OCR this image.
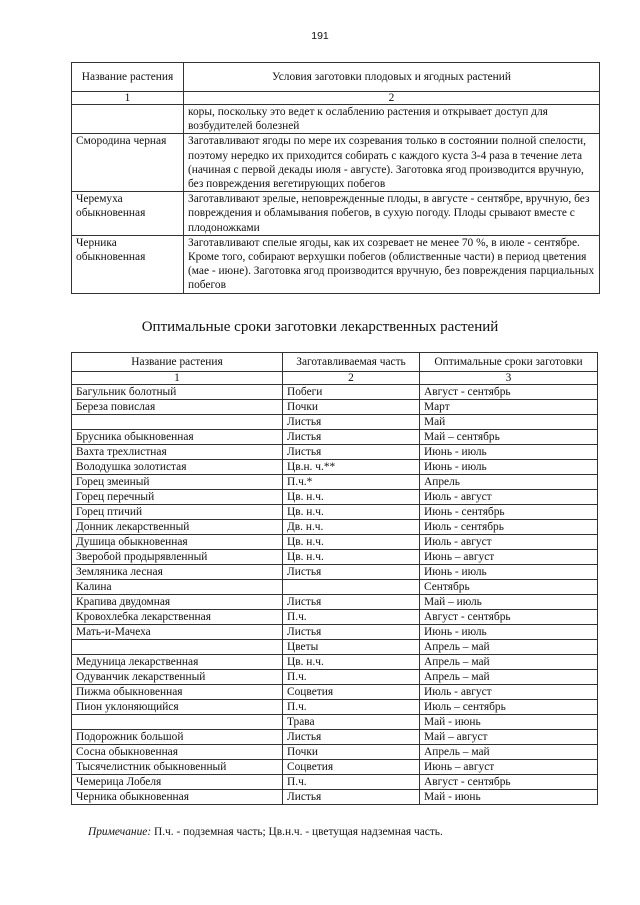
191
Название растения	Условия заготовки плодовых и ягодных растений
1	2
	коры, поскольку это ведет к ослаблению растения и открывает доступ для возбудителей болезней
Смородина черная	Заготавливают ягоды по мере их созревания только в состоянии полной спелости, поэтому нередко их приходится собирать с каждого куста 3-4 раза в течение лета (начиная с первой декады июля - августе). Заготовка ягод производится вручную, без повреждения вегетирующих побегов
Черемуха обыкновенная	Заготавливают зрелые, неповрежденные плоды, в августе - сентябре, вручную, без повреждения и обламывания побегов, в сухую погоду. Плоды срывают вместе с плодоножками
Черника обыкновенная	Заготавливают спелые ягоды, как их созревает не менее 70 %, в июле - сентябре. Кроме того, собирают верхушки побегов (облиственные части) в период цветения (мае - июне). Заготовка ягод производится вручную, без повреждения парциальных побегов
Оптимальные сроки заготовки лекарственных растений
Название растения	Заготавливаемая часть	Оптимальные сроки заготовки
1	2	3
Багульник болотный	Побеги	Август - сентябрь
Береза повислая	Почки	Март
	Листья	Май
Брусника обыкновенная	Листья	Май – сентябрь
Вахта трехлистная	Листья	Июнь - июль
Володушка золотистая	Цв.н. ч.**	Июнь - июль
Горец змеиный	П.ч.*	Апрель
Горец перечный	Цв. н.ч.	Июль - август
Горец птичий	Цв. н.ч.	Июнь - сентябрь
Донник лекарственный	Дв. н.ч.	Июль - сентябрь
Душица обыкновенная	Цв. н.ч.	Июль - август
Зверобой продырявленный	Цв. н.ч.	Июнь – август
Земляника лесная	Листья	Июнь - июль
Калина		Сентябрь
Крапива двудомная	Листья	Май – июль
Кровохлебка лекарственная	П.ч.	Август - сентябрь
Мать-и-Мачеха	Листья	Июнь - июль
	Цветы	Апрель – май
Медуница лекарственная	Цв. н.ч.	Апрель – май
Одуванчик лекарственный	П.ч.	Апрель – май
Пижма обыкновенная	Соцветия	Июль - август
Пион уклоняющийся	П.ч.	Июль – сентябрь
	Трава	Май - июнь
Подорожник большой	Листья	Май – август
Сосна обыкновенная	Почки	Апрель – май
Тысячелистник обыкновенный	Соцветия	Июнь – август
Чемерица Лобеля	П.ч.	Август - сентябрь
Черника обыкновенная	Листья	Май - июнь
Примечание: П.ч. - подземная часть; Цв.н.ч. - цветущая надземная часть.
